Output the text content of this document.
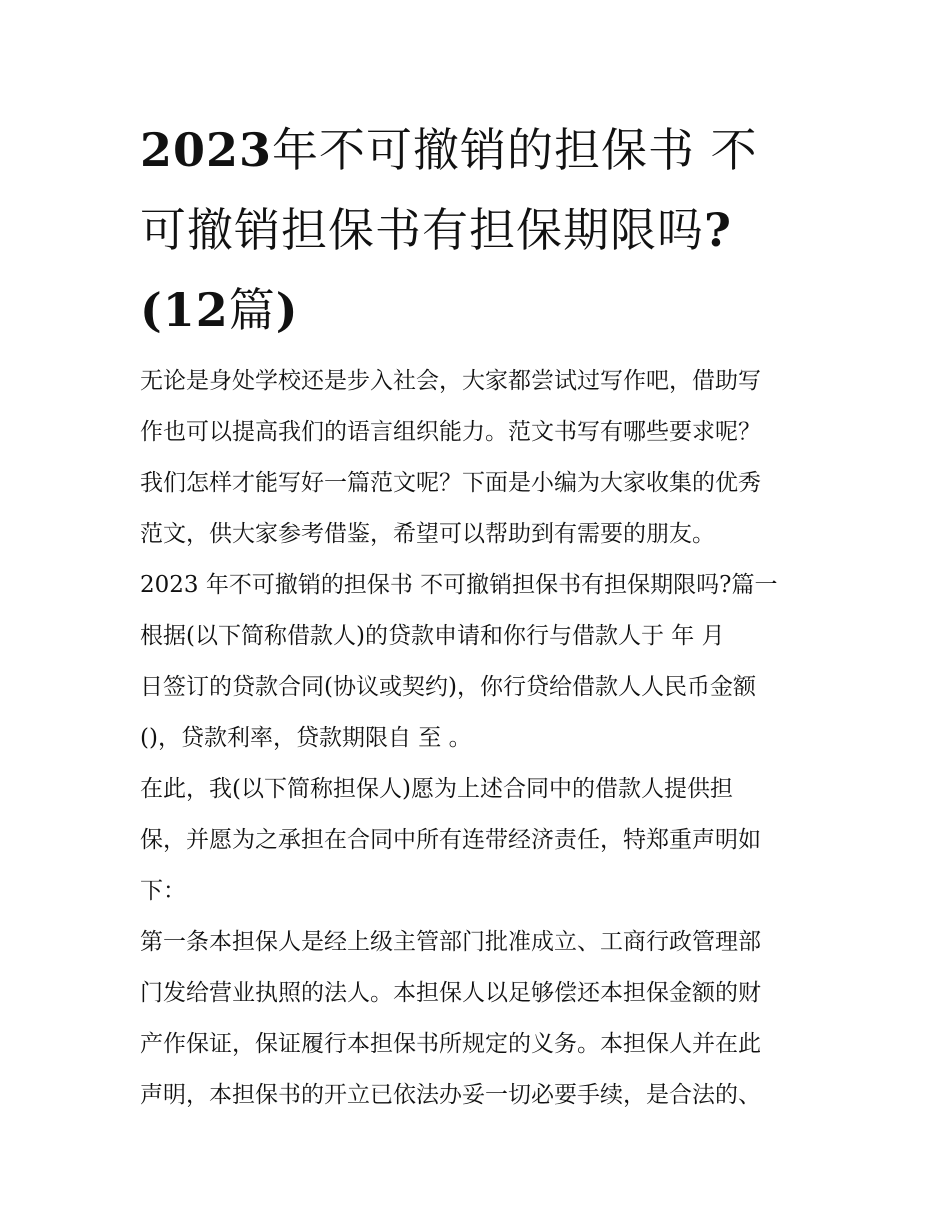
2023年不可撤销的担保书 不
可撤销担保书有担保期限吗?
(12篇)
无论是身处学校还是步入社会，大家都尝试过写作吧，借助写
作也可以提高我们的语言组织能力。范文书写有哪些要求呢？
我们怎样才能写好一篇范文呢？下面是小编为大家收集的优秀
范文，供大家参考借鉴，希望可以帮助到有需要的朋友。
2023 年不可撤销的担保书 不可撤销担保书有担保期限吗?篇一
根据(以下简称借款人)的贷款申请和你行与借款人于 年 月
日签订的贷款合同(协议或契约)，你行贷给借款人人民币金额
()，贷款利率，贷款期限自 至 。
在此，我(以下简称担保人)愿为上述合同中的借款人提供担
保，并愿为之承担在合同中所有连带经济责任，特郑重声明如
下：
第一条本担保人是经上级主管部门批准成立、工商行政管理部
门发给营业执照的法人。本担保人以足够偿还本担保金额的财
产作保证，保证履行本担保书所规定的义务。本担保人并在此
声明，本担保书的开立已依法办妥一切必要手续，是合法的、
